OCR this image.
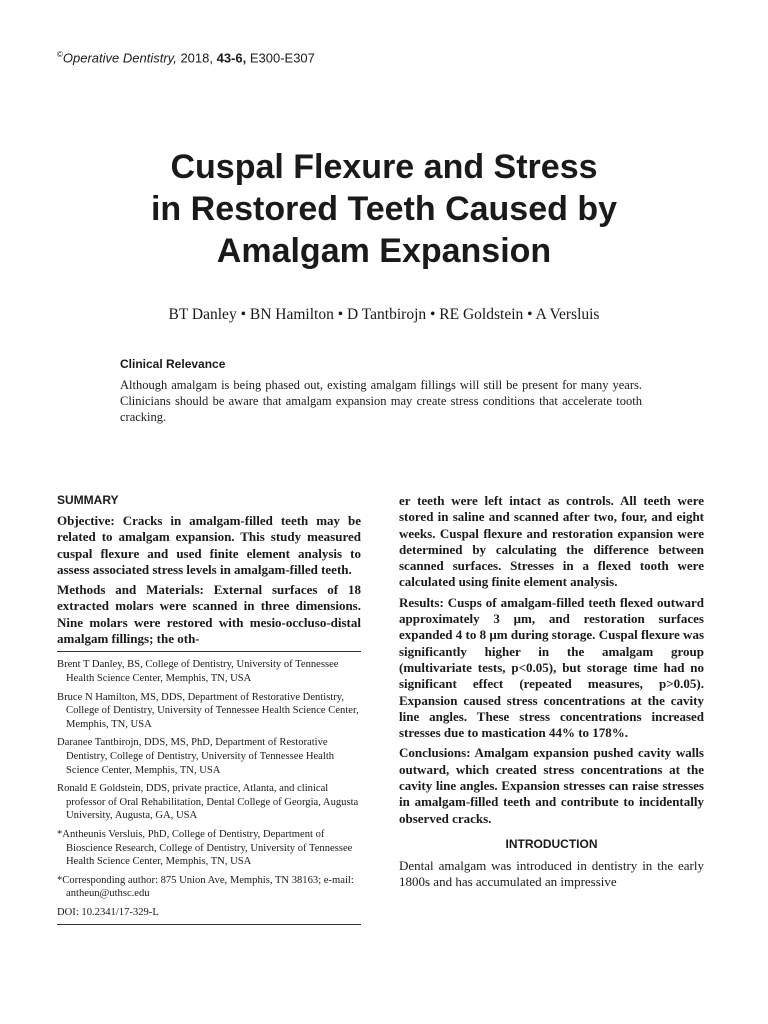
©Operative Dentistry, 2018, 43-6, E300-E307
Cuspal Flexure and Stress
in Restored Teeth Caused by
Amalgam Expansion
BT Danley • BN Hamilton • D Tantbirojn • RE Goldstein • A Versluis
Clinical Relevance
Although amalgam is being phased out, existing amalgam fillings will still be present for many years. Clinicians should be aware that amalgam expansion may create stress conditions that accelerate tooth cracking.
SUMMARY

Objective: Cracks in amalgam-filled teeth may be related to amalgam expansion. This study measured cuspal flexure and used finite element analysis to assess associated stress levels in amalgam-filled teeth.

Methods and Materials: External surfaces of 18 extracted molars were scanned in three dimensions. Nine molars were restored with mesio-occluso-distal amalgam fillings; the oth-

Brent T Danley, BS, College of Dentistry, University of Tennessee Health Science Center, Memphis, TN, USA

Bruce N Hamilton, MS, DDS, Department of Restorative Dentistry, College of Dentistry, University of Tennessee Health Science Center, Memphis, TN, USA

Daranee Tantbirojn, DDS, MS, PhD, Department of Restorative Dentistry, College of Dentistry, University of Tennessee Health Science Center, Memphis, TN, USA

Ronald E Goldstein, DDS, private practice, Atlanta, and clinical professor of Oral Rehabilitation, Dental College of Georgia, Augusta University, Augusta, GA, USA

*Antheunis Versluis, PhD, College of Dentistry, Department of Bioscience Research, College of Dentistry, University of Tennessee Health Science Center, Memphis, TN, USA

*Corresponding author: 875 Union Ave, Memphis, TN 38163; e-mail: antheun@uthsc.edu

DOI: 10.2341/17-329-L

er teeth were left intact as controls. All teeth were stored in saline and scanned after two, four, and eight weeks. Cuspal flexure and restoration expansion were determined by calculating the difference between scanned surfaces. Stresses in a flexed tooth were calculated using finite element analysis.

Results: Cusps of amalgam-filled teeth flexed outward approximately 3 μm, and restoration surfaces expanded 4 to 8 μm during storage. Cuspal flexure was significantly higher in the amalgam group (multivariate tests, p<0.05), but storage time had no significant effect (repeated measures, p>0.05). Expansion caused stress concentrations at the cavity line angles. These stress concentrations increased stresses due to mastication 44% to 178%.

Conclusions: Amalgam expansion pushed cavity walls outward, which created stress concentrations at the cavity line angles. Expansion stresses can raise stresses in amalgam-filled teeth and contribute to incidentally observed cracks.

INTRODUCTION

Dental amalgam was introduced in dentistry in the early 1800s and has accumulated an impressive
